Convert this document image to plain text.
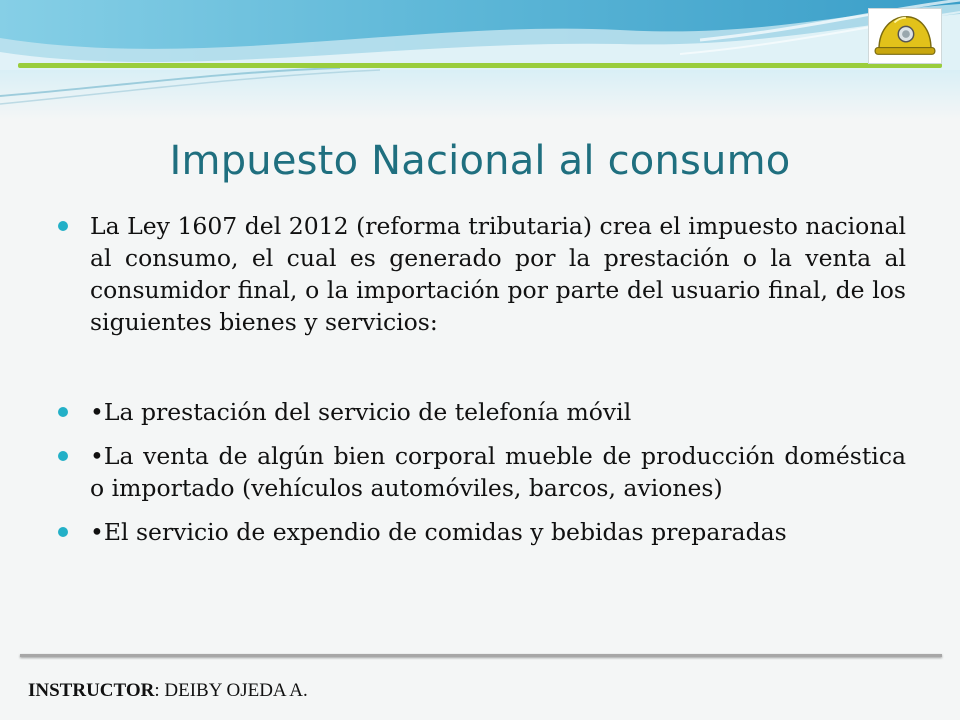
Impuesto Nacional al consumo

La Ley 1607 del 2012 (reforma tributaria) crea el impuesto nacional al consumo, el cual es generado por la prestación o la venta al consumidor final, o la importación por parte del usuario final, de los siguientes bienes y servicios:

•La prestación del servicio de telefonía móvil

•La venta de algún bien corporal mueble de producción doméstica o importado (vehículos automóviles, barcos, aviones)

•El servicio de expendio de comidas y bebidas preparadas

INSTRUCTOR: DEIBY OJEDA A.
